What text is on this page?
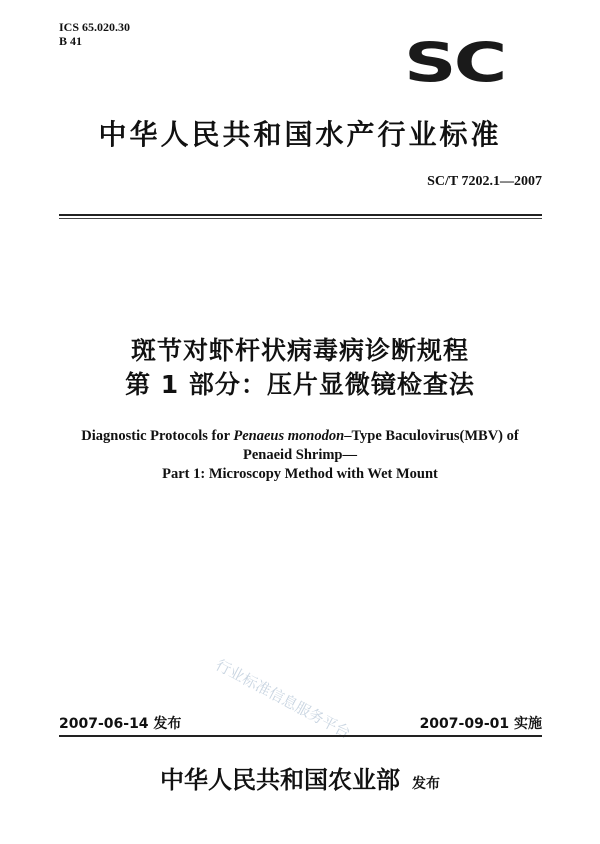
ICS 65.020.30
B 41	SC
中华人民共和国水产行业标准
SC/T 7202.1—2007
斑节对虾杆状病毒病诊断规程
第 1 部分：压片显微镜检查法
Diagnostic Protocols for Penaeus monodon–Type Baculovirus(MBV) of
Penaeid Shrimp—
Part 1: Microscopy Method with Wet Mount
行业标准信息服务平台
2007-06-14 发布	2007-09-01 实施
中华人民共和国农业部 发布
